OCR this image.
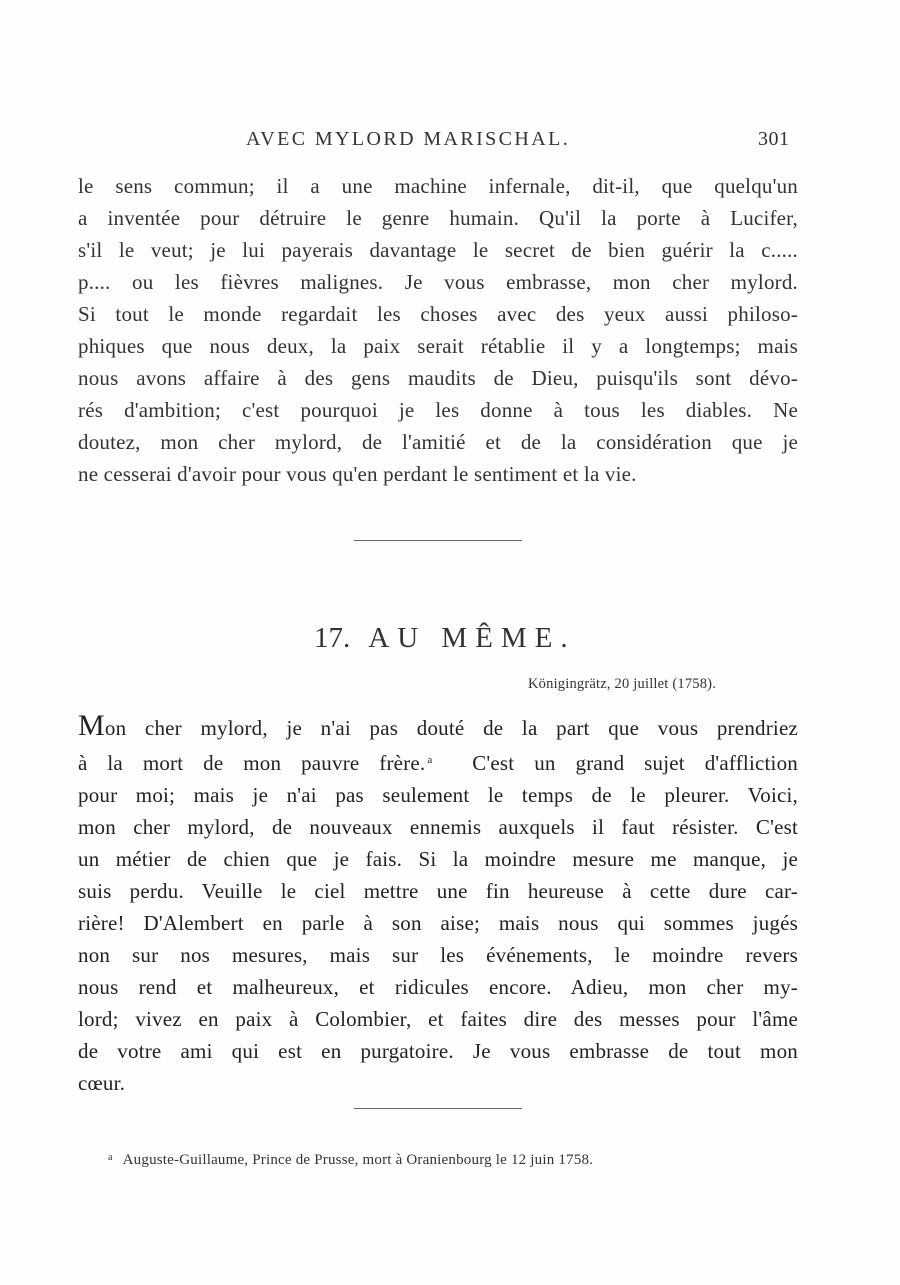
AVEC MYLORD MARISCHAL.	301
le sens commun; il a une machine infernale, dit-il, que quelqu'un
a inventée pour détruire le genre humain. Qu'il la porte à Lucifer,
s'il le veut; je lui payerais davantage le secret de bien guérir la c.....
p.... ou les fièvres malignes. Je vous embrasse, mon cher mylord.
Si tout le monde regardait les choses avec des yeux aussi philoso-
phiques que nous deux, la paix serait rétablie il y a longtemps; mais
nous avons affaire à des gens maudits de Dieu, puisqu'ils sont dévo-
rés d'ambition; c'est pourquoi je les donne à tous les diables. Ne
doutez, mon cher mylord, de l'amitié et de la considération que je
ne cesserai d'avoir pour vous qu'en perdant le sentiment et la vie.
17. AU MÊME.
Königingrätz, 20 juillet (1758).
Mon cher mylord, je n'ai pas douté de la part que vous prendriez
à la mort de mon pauvre frère. $^a$ C'est un grand sujet d'affliction
pour moi; mais je n'ai pas seulement le temps de le pleurer. Voici,
mon cher mylord, de nouveaux ennemis auxquels il faut résister. C'est
un métier de chien que je fais. Si la moindre mesure me manque, je
suis perdu. Veuille le ciel mettre une fin heureuse à cette dure car-
rière! D'Alembert en parle à son aise; mais nous qui sommes jugés
non sur nos mesures, mais sur les événements, le moindre revers
nous rend et malheureux, et ridicules encore. Adieu, mon cher my-
lord; vivez en paix à Colombier, et faites dire des messes pour l'âme
de votre ami qui est en purgatoire. Je vous embrasse de tout mon
cœur.
$^a$ Auguste-Guillaume, Prince de Prusse, mort à Oranienbourg le 12 juin 1758.
